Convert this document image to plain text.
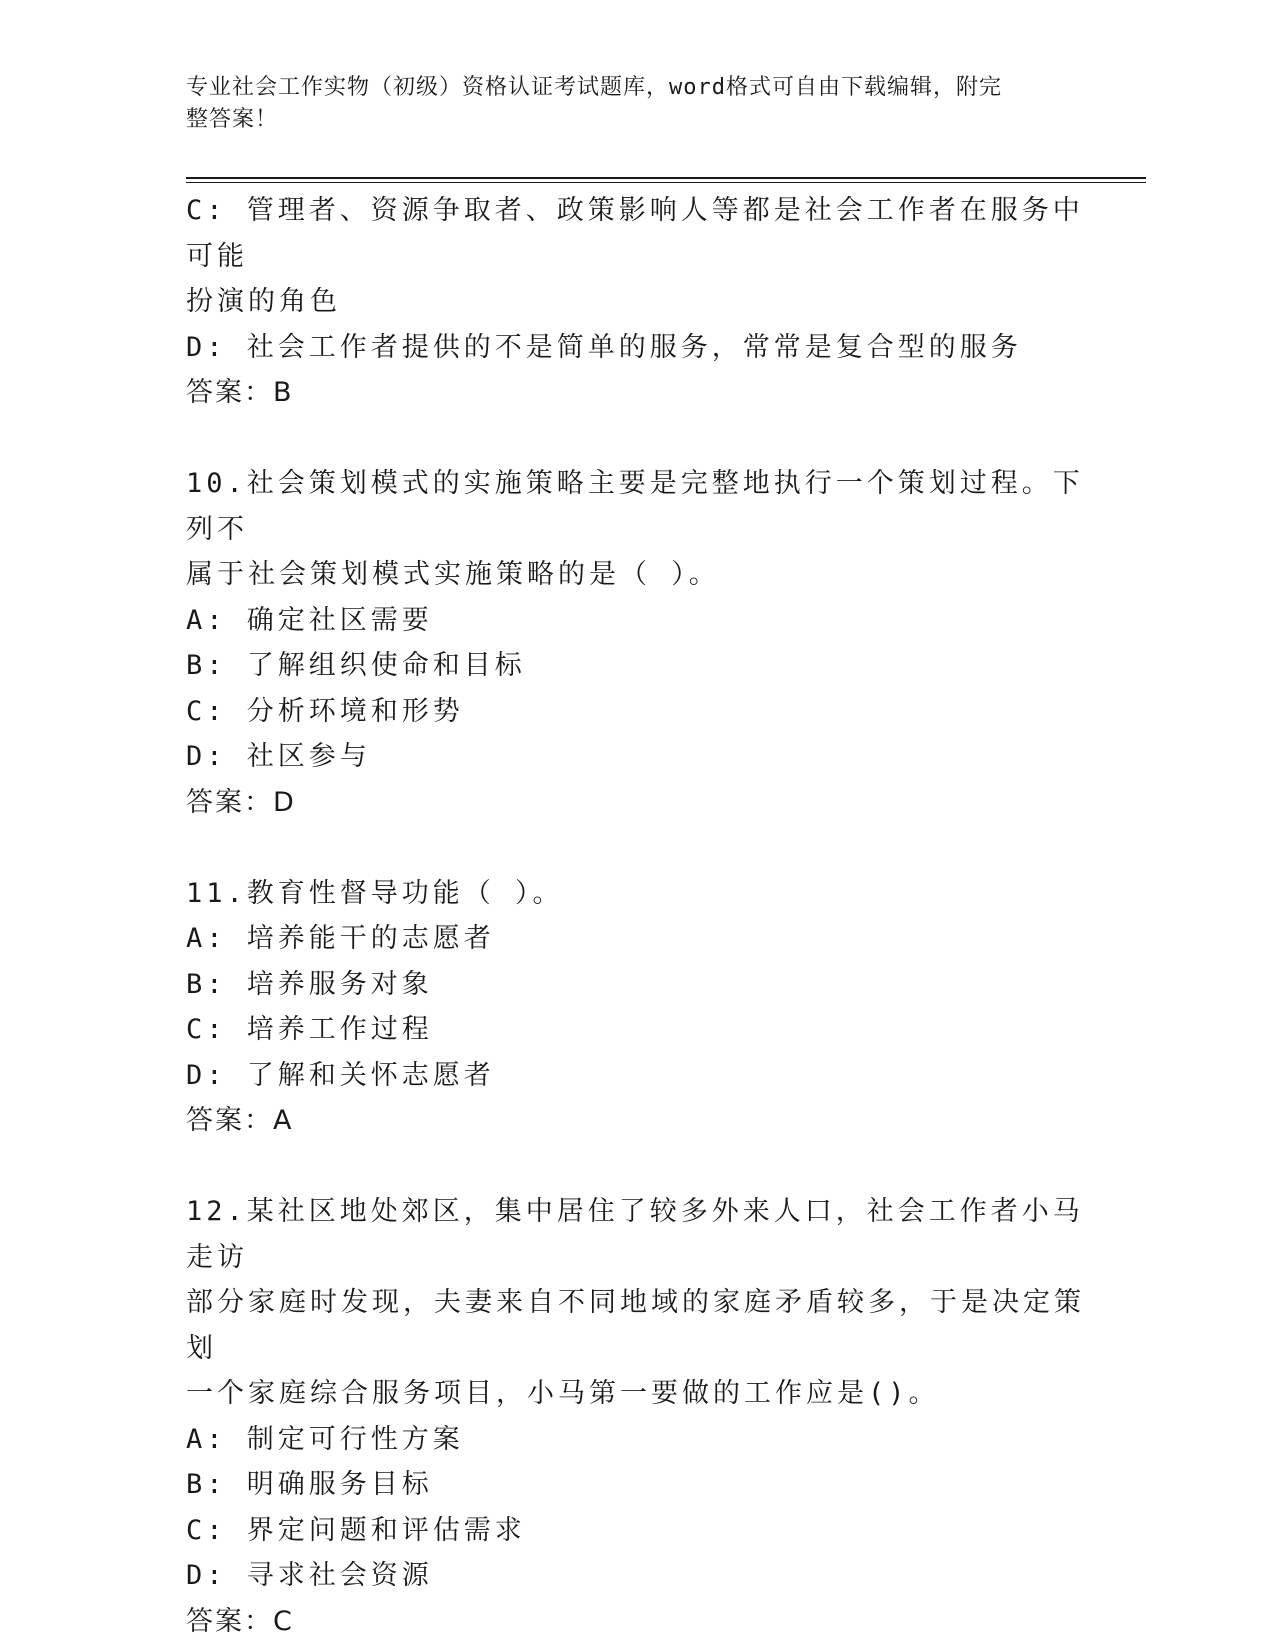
专业社会工作实物（初级）资格认证考试题库，word格式可自由下载编辑，附完
整答案！
C: 管理者、资源争取者、政策影响人等都是社会工作者在服务中可能
扮演的角色
D: 社会工作者提供的不是简单的服务，常常是复合型的服务
答案：B
10.社会策划模式的实施策略主要是完整地执行一个策划过程。下列不
属于社会策划模式实施策略的是（ ）。
A: 确定社区需要
B: 了解组织使命和目标
C: 分析环境和形势
D: 社区参与
答案：D
11.教育性督导功能（ ）。
A: 培养能干的志愿者
B: 培养服务对象
C: 培养工作过程
D: 了解和关怀志愿者
答案：A
12.某社区地处郊区，集中居住了较多外来人口，社会工作者小马走访
部分家庭时发现，夫妻来自不同地域的家庭矛盾较多，于是决定策划
一个家庭综合服务项目，小马第一要做的工作应是()。
A: 制定可行性方案
B: 明确服务目标
C: 界定问题和评估需求
D: 寻求社会资源
答案：C
